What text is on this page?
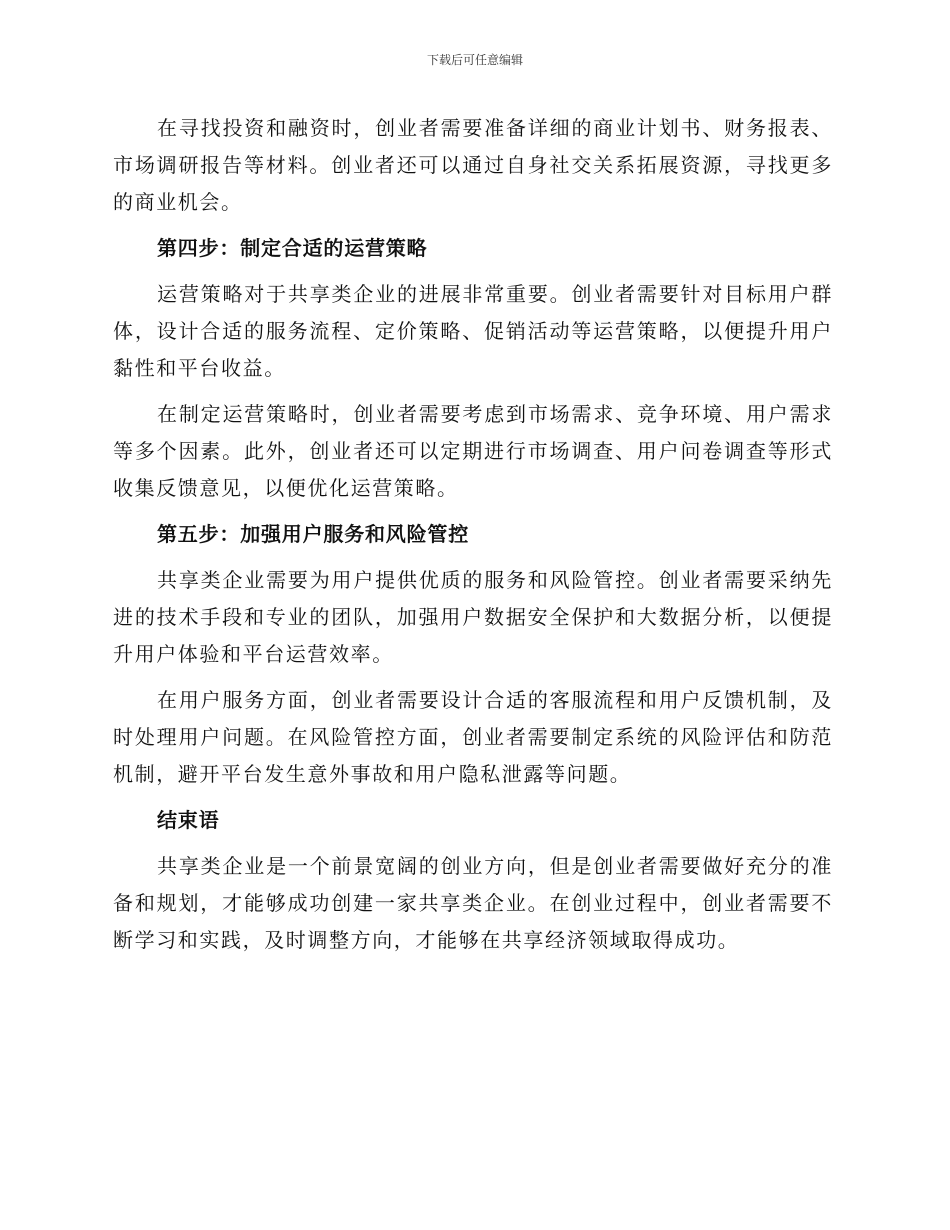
下载后可任意编辑

在寻找投资和融资时，创业者需要准备详细的商业计划书、财务报表、市场调研报告等材料。创业者还可以通过自身社交关系拓展资源，寻找更多的商业机会。

第四步：制定合适的运营策略

运营策略对于共享类企业的进展非常重要。创业者需要针对目标用户群体，设计合适的服务流程、定价策略、促销活动等运营策略，以便提升用户黏性和平台收益。

在制定运营策略时，创业者需要考虑到市场需求、竞争环境、用户需求等多个因素。此外，创业者还可以定期进行市场调查、用户问卷调查等形式收集反馈意见，以便优化运营策略。

第五步：加强用户服务和风险管控

共享类企业需要为用户提供优质的服务和风险管控。创业者需要采纳先进的技术手段和专业的团队，加强用户数据安全保护和大数据分析，以便提升用户体验和平台运营效率。

在用户服务方面，创业者需要设计合适的客服流程和用户反馈机制，及时处理用户问题。在风险管控方面，创业者需要制定系统的风险评估和防范机制，避开平台发生意外事故和用户隐私泄露等问题。

结束语

共享类企业是一个前景宽阔的创业方向，但是创业者需要做好充分的准备和规划，才能够成功创建一家共享类企业。在创业过程中，创业者需要不断学习和实践，及时调整方向，才能够在共享经济领域取得成功。
